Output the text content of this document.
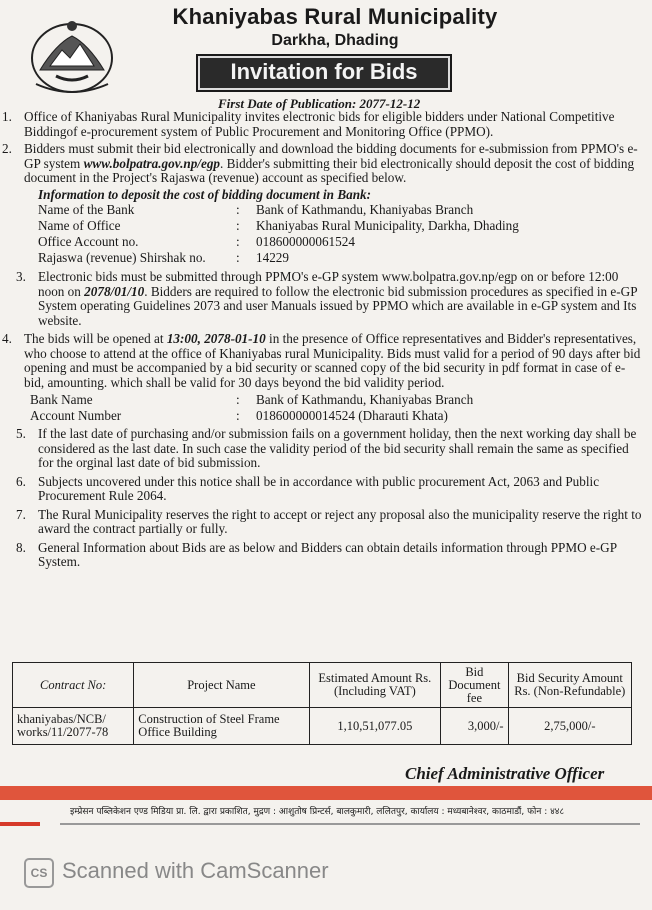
Khaniyabas Rural Municipality
Darkha, Dhading
Invitation for Bids
First Date of Publication: 2077-12-12
1. Office of Khaniyabas Rural Municipality invites electronic bids for eligible bidders under National Competitive Biddingof e-procurement system of Public Procurement and Monitoring Office (PPMO).
2. Bidders must submit their bid electronically and download the bidding documents for e-submission from PPMO's e-GP system www.bolpatra.gov.np/egp. Bidder's submitting their bid electronically should deposit the cost of bidding document in the Project's Rajaswa (revenue) account as specified below.
Information to deposit the cost of bidding document in Bank:
Name of the Bank	:	Bank of Kathmandu, Khaniyabas Branch
Name of Office	:	Khaniyabas Rural Municipality, Darkha, Dhading
Office Account no.	:	018600000061524
Rajaswa (revenue) Shirshak no.	:	14229
3. Electronic bids must be submitted through PPMO's e-GP system www.bolpatra.gov.np/egp on or before 12:00 noon on 2078/01/10. Bidders are required to follow the electronic bid submission procedures as specified in e-GP System operating Guidelines 2073 and user Manuals issued by PPMO which are available in e-GP system and Its website.
4. The bids will be opened at 13:00, 2078-01-10 in the presence of Office representatives and Bidder's representatives, who choose to attend at the office of Khaniyabas rural Municipality. Bids must valid for a period of 90 days after bid opening and must be accompanied by a bid security or scanned copy of the bid security in pdf format in case of e-bid, amounting. which shall be valid for 30 days beyond the bid validity period.
Bank Name	:	Bank of Kathmandu, Khaniyabas Branch
Account Number	:	018600000014524 (Dharauti Khata)
5. If the last date of purchasing and/or submission fails on a government holiday, then the next working day shall be considered as the last date. In such case the validity period of the bid security shall remain the same as specified for the orginal last date of bid submission.
6. Subjects uncovered under this notice shall be in accordance with public procurement Act, 2063 and Public Procurement Rule 2064.
7. The Rural Municipality reserves the right to accept or reject any proposal also the municipality reserve the right to award the contract partially or fully.
8. General Information about Bids are as below and Bidders can obtain details information through PPMO e-GP System.
Contract No:	Project Name	Estimated Amount Rs. (Including VAT)	Bid Document fee	Bid Security Amount Rs. (Non-Refundable)
khaniyabas/NCB/ works/11/2077-78	Construction of Steel Frame Office Building	1,10,51,077.05	3,000/-	2,75,000/-
Chief Administrative Officer
इम्प्रेसन पब्लिकेशन एण्ड मिडिया प्रा. लि. द्वारा प्रकाशित, मुद्रण : आशुतोष प्रिन्टर्स, बालकुमारी, ललितपुर, कार्यालय : मध्यबानेश्वर, काठमाडौं, फोन : ४४८
CS Scanned with CamScanner
